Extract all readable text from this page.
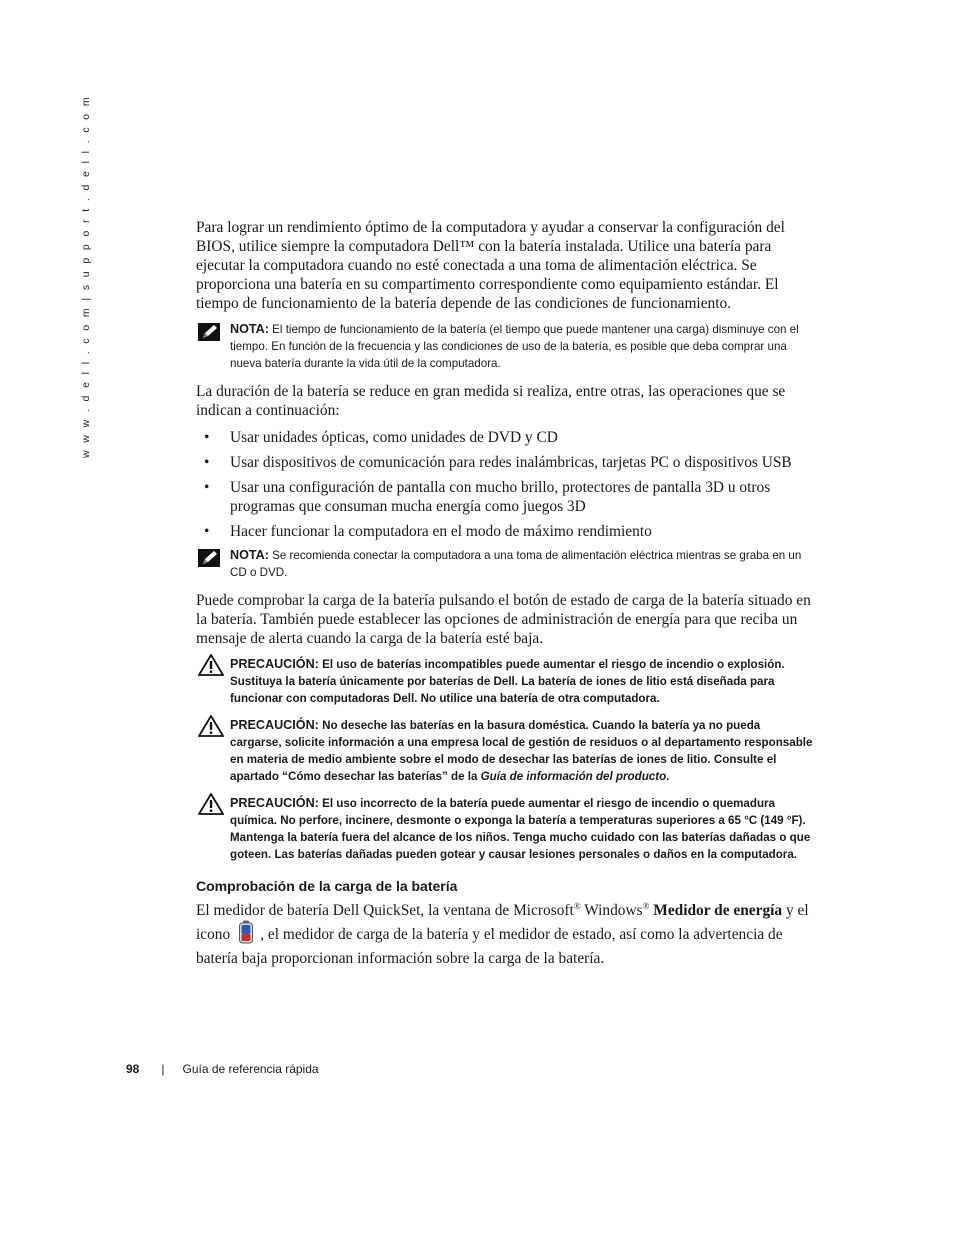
w w w . d e l l . c o m | s u p p o r t . d e l l . c o m	Para lograr un rendimiento óptimo de la computadora y ayudar a conservar la configuración del BIOS, utilice siempre la computadora Dell™ con la batería instalada. Utilice una batería para ejecutar la computadora cuando no esté conectada a una toma de alimentación eléctrica. Se proporciona una batería en su compartimento correspondiente como equipamiento estándar. El tiempo de funcionamiento de la batería depende de las condiciones de funcionamiento.

NOTA: El tiempo de funcionamiento de la batería (el tiempo que puede mantener una carga) disminuye con el tiempo. En función de la frecuencia y las condiciones de uso de la batería, es posible que deba comprar una nueva batería durante la vida útil de la computadora.

La duración de la batería se reduce en gran medida si realiza, entre otras, las operaciones que se indican a continuación:

• Usar unidades ópticas, como unidades de DVD y CD
• Usar dispositivos de comunicación para redes inalámbricas, tarjetas PC o dispositivos USB
• Usar una configuración de pantalla con mucho brillo, protectores de pantalla 3D u otros programas que consuman mucha energía como juegos 3D
• Hacer funcionar la computadora en el modo de máximo rendimiento
NOTA: Se recomienda conectar la computadora a una toma de alimentación eléctrica mientras se graba en un CD o DVD.

Puede comprobar la carga de la batería pulsando el botón de estado de carga de la batería situado en la batería. También puede establecer las opciones de administración de energía para que reciba un mensaje de alerta cuando la carga de la batería esté baja.

PRECAUCIÓN: El uso de baterías incompatibles puede aumentar el riesgo de incendio o explosión. Sustituya la batería únicamente por baterías de Dell. La batería de iones de litio está diseñada para funcionar con computadoras Dell. No utilice una batería de otra computadora.
PRECAUCIÓN: No deseche las baterías en la basura doméstica. Cuando la batería ya no pueda cargarse, solicite información a una empresa local de gestión de residuos o al departamento responsable en materia de medio ambiente sobre el modo de desechar las baterías de iones de litio. Consulte el apartado “Cómo desechar las baterías” de la Guía de información del producto.
PRECAUCIÓN: El uso incorrecto de la batería puede aumentar el riesgo de incendio o quemadura química. No perfore, incinere, desmonte o exponga la batería a temperaturas superiores a 65 °C (149 °F). Mantenga la batería fuera del alcance de los niños. Tenga mucho cuidado con las baterías dañadas o que goteen. Las baterías dañadas pueden gotear y causar lesiones personales o daños en la computadora.
Comprobación de la carga de la batería

El medidor de batería Dell QuickSet, la ventana de Microsoft® Windows® Medidor de energía y el icono , el medidor de carga de la batería y el medidor de estado, así como la advertencia de batería baja proporcionan información sobre la carga de la batería.

98 | Guía de referencia rápida
